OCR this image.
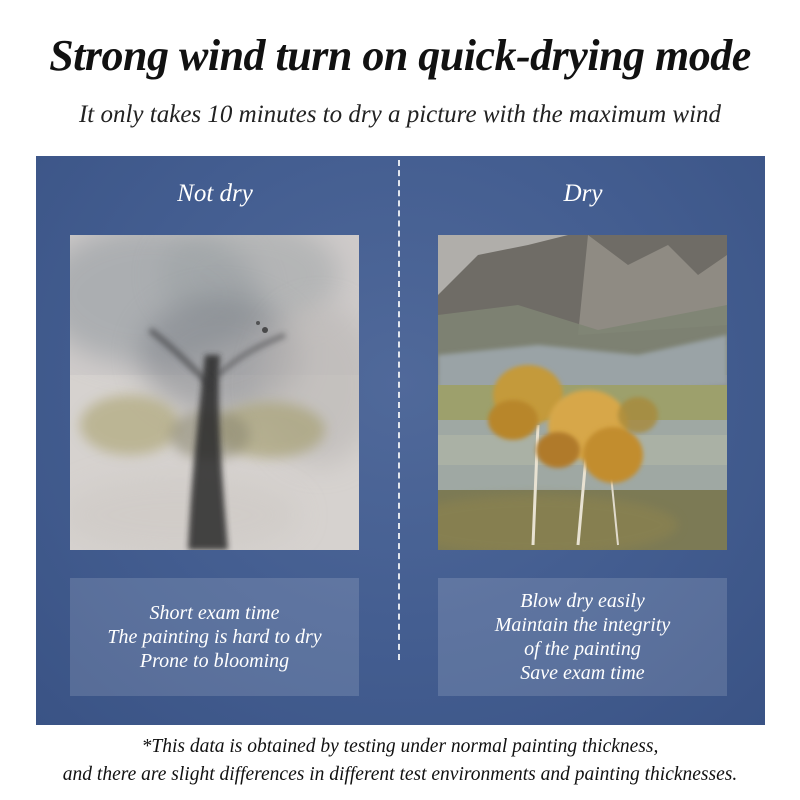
Strong wind turn on quick-drying mode
It only takes 10 minutes to dry a picture with the maximum wind
Not dry	Dry
Short exam time
The painting is hard to dry
Prone to blooming
Blow dry easily
Maintain the integrity
of the painting
Save exam time
*This data is obtained by testing under normal painting thickness,
and there are slight differences in different test environments and painting thicknesses.
